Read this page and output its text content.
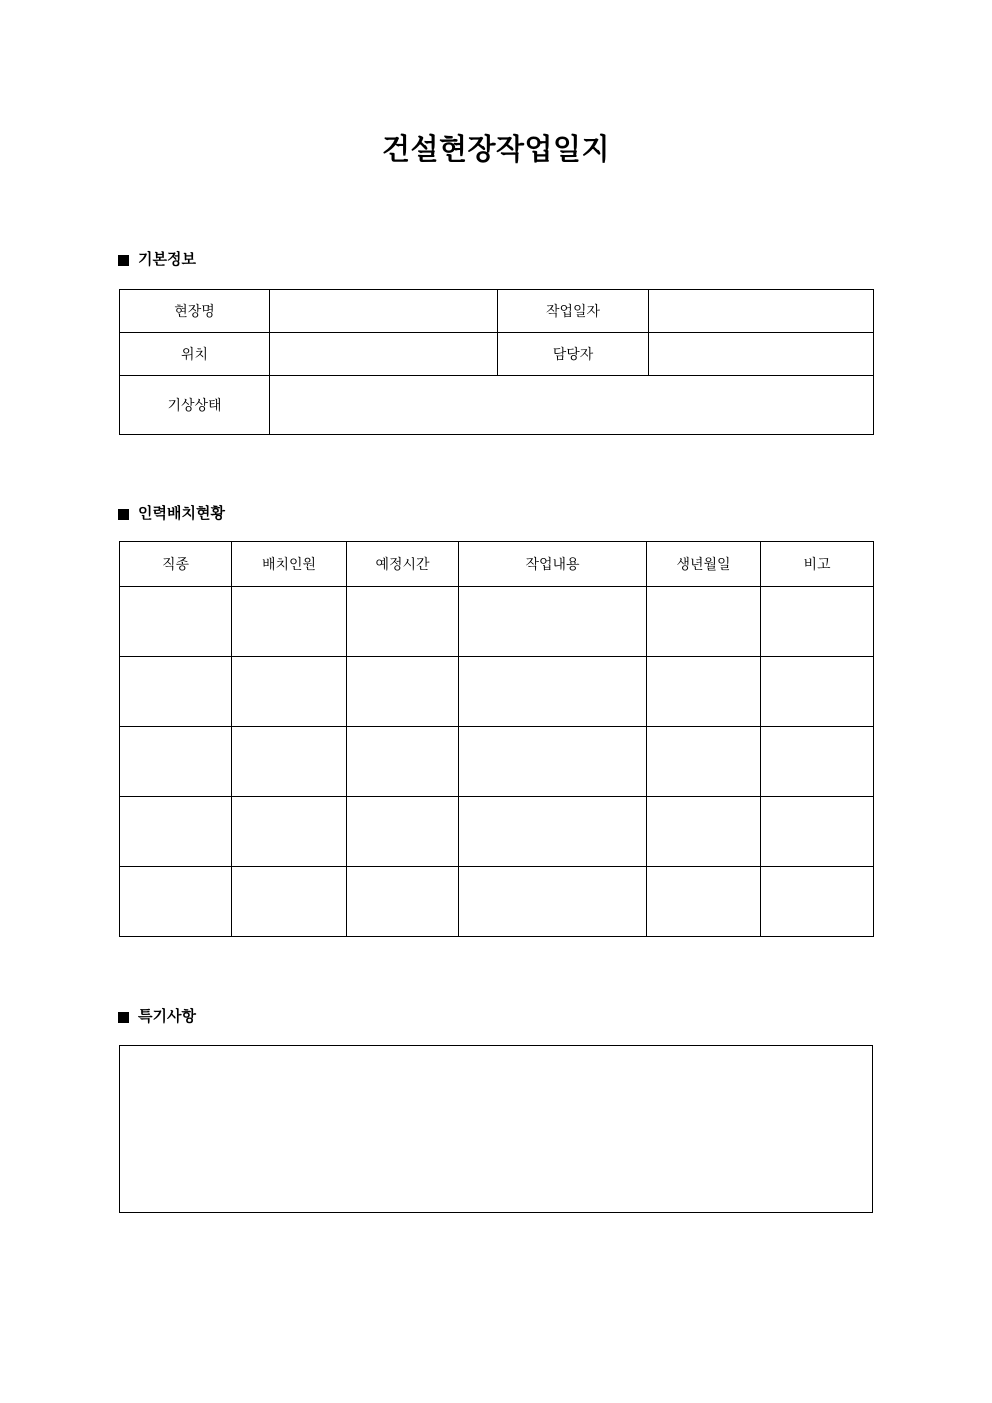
건설현장작업일지
기본정보
현장명		작업일자	
위치		담당자	
기상상태			
인력배치현황
직종	배치인원	예정시간	작업내용	생년월일	비고

특기사항
